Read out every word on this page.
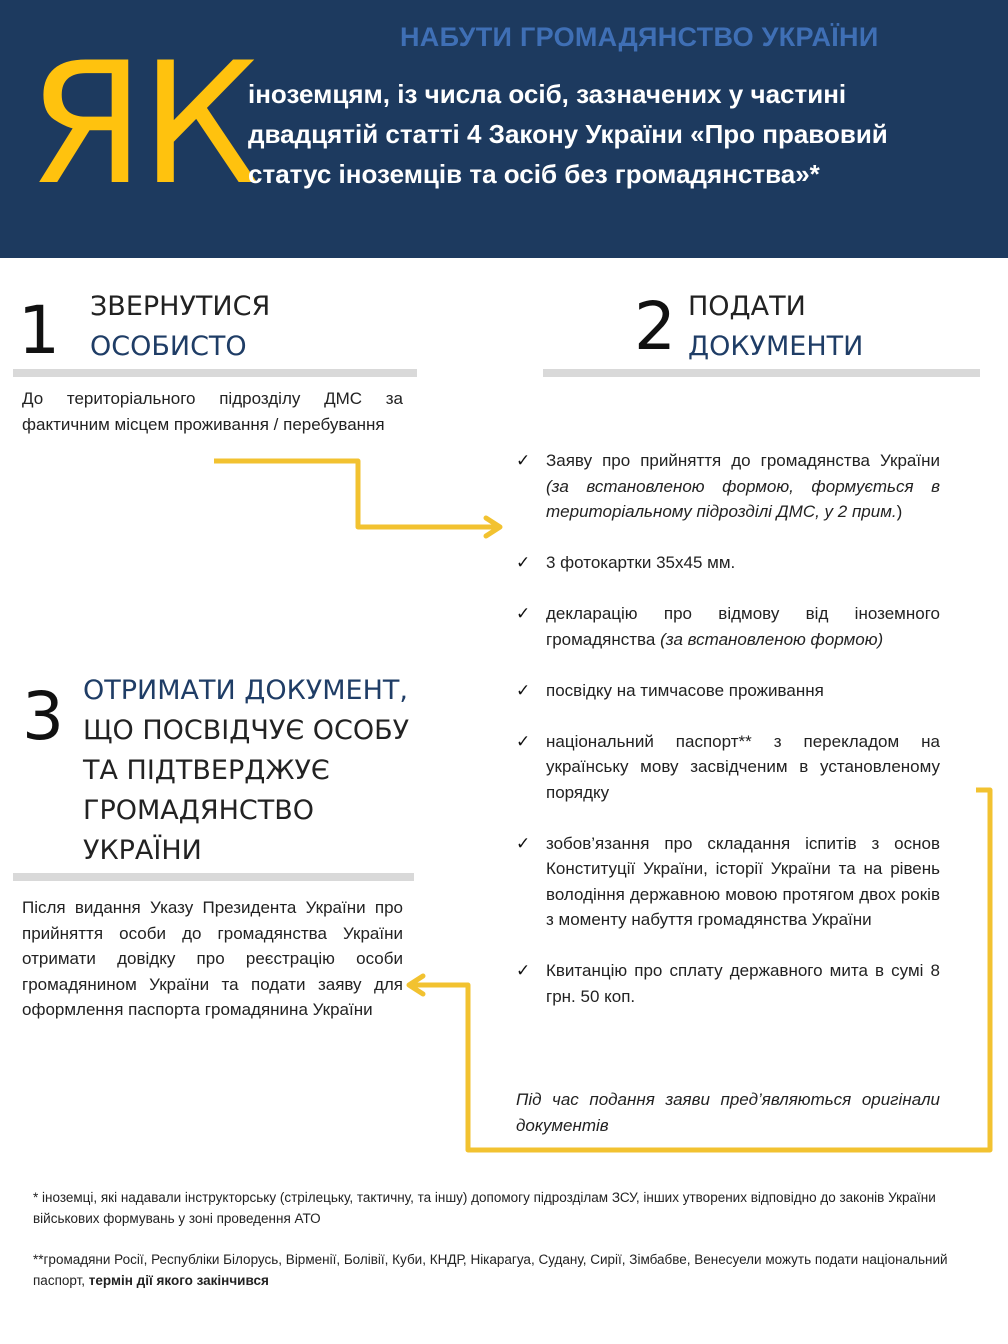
НАБУТИ ГРОМАДЯНСТВО УКРАЇНИ
ЯК
іноземцям, із числа осіб, зазначених у частині двадцятій статті 4 Закону України «Про правовий статус іноземців та осіб без громадянства»*
1 ЗВЕРНУТИСЯ
ОСОБИСТО
До територіального підрозділу ДМС за фактичним місцем проживання / перебування
2 ПОДАТИ
ДОКУМЕНТИ
✓ Заяву про прийняття до громадянства України (за встановленою формою, формується в територіальному підрозділі ДМС, у 2 прим.)
✓ 3 фотокартки 35х45 мм.
✓ декларацію про відмову від іноземного громадянства (за встановленою формою)
✓ посвідку на тимчасове проживання
✓ національний паспорт** з перекладом на українську мову засвідченим в установленому порядку
✓ зобов’язання про складання іспитів з основ Конституції України, історії України та на рівень володіння державною мовою протягом двох років з моменту набуття громадянства України
✓ Квитанцію про сплату державного мита в сумі 8 грн. 50 коп.
Під час подання заяви пред’являються оригінали документів
3 ОТРИМАТИ ДОКУМЕНТ,
ЩО ПОСВІДЧУЄ ОСОБУ
ТА ПІДТВЕРДЖУЄ
ГРОМАДЯНСТВО
УКРАЇНИ
Після видання Указу Президента України про прийняття особи до громадянства України отримати довідку про реєстрацію особи громадянином України та подати заяву для оформлення паспорта громадянина України
* іноземці, які надавали інструкторську (стрілецьку, тактичну, та іншу) допомогу підрозділам ЗСУ, інших утворених відповідно до законів України військових формувань у зоні проведення АТО
**громадяни Росії, Республіки Білорусь, Вірменії, Болівії, Куби, КНДР, Нікарагуа, Судану, Сирії, Зімбабве, Венесуели можуть подати національний паспорт, термін дії якого закінчився
